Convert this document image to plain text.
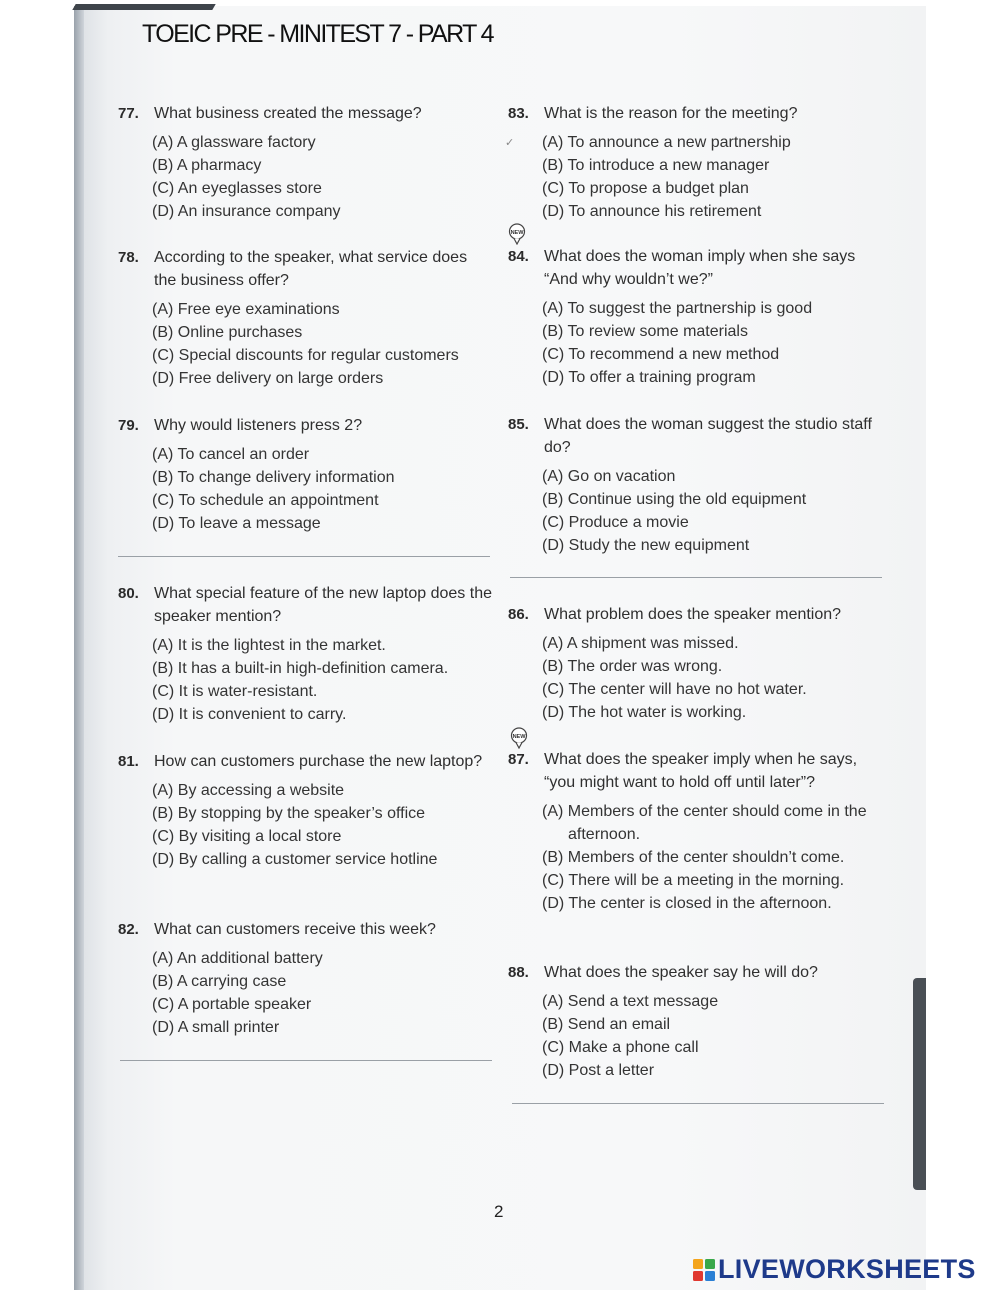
TOEIC PRE - MINITEST 7 - PART 4
77. What business created the message?
(A) A glassware factory
(B) A pharmacy
(C) An eyeglasses store
(D) An insurance company
78. According to the speaker, what service does the business offer?
(A) Free eye examinations
(B) Online purchases
(C) Special discounts for regular customers
(D) Free delivery on large orders
79. Why would listeners press 2?
(A) To cancel an order
(B) To change delivery information
(C) To schedule an appointment
(D) To leave a message
80. What special feature of the new laptop does the speaker mention?
(A) It is the lightest in the market.
(B) It has a built-in high-definition camera.
(C) It is water-resistant.
(D) It is convenient to carry.
81. How can customers purchase the new laptop?
(A) By accessing a website
(B) By stopping by the speaker’s office
(C) By visiting a local store
(D) By calling a customer service hotline
82. What can customers receive this week?
(A) An additional battery
(B) A carrying case
(C) A portable speaker
(D) A small printer
83. What is the reason for the meeting?
(A) To announce a new partnership
(B) To introduce a new manager
(C) To propose a budget plan
(D) To announce his retirement
84. What does the woman imply when she says “And why wouldn’t we?”
(A) To suggest the partnership is good
(B) To review some materials
(C) To recommend a new method
(D) To offer a training program
85. What does the woman suggest the studio staff do?
(A) Go on vacation
(B) Continue using the old equipment
(C) Produce a movie
(D) Study the new equipment
86. What problem does the speaker mention?
(A) A shipment was missed.
(B) The order was wrong.
(C) The center will have no hot water.
(D) The hot water is working.
87. What does the speaker imply when he says, “you might want to hold off until later”?
(A) Members of the center should come in the afternoon.
(B) Members of the center shouldn’t come.
(C) There will be a meeting in the morning.
(D) The center is closed in the afternoon.
88. What does the speaker say he will do?
(A) Send a text message
(B) Send an email
(C) Make a phone call
(D) Post a letter
NEW
NEW
✓
2
LIVEWORKSHEETS
